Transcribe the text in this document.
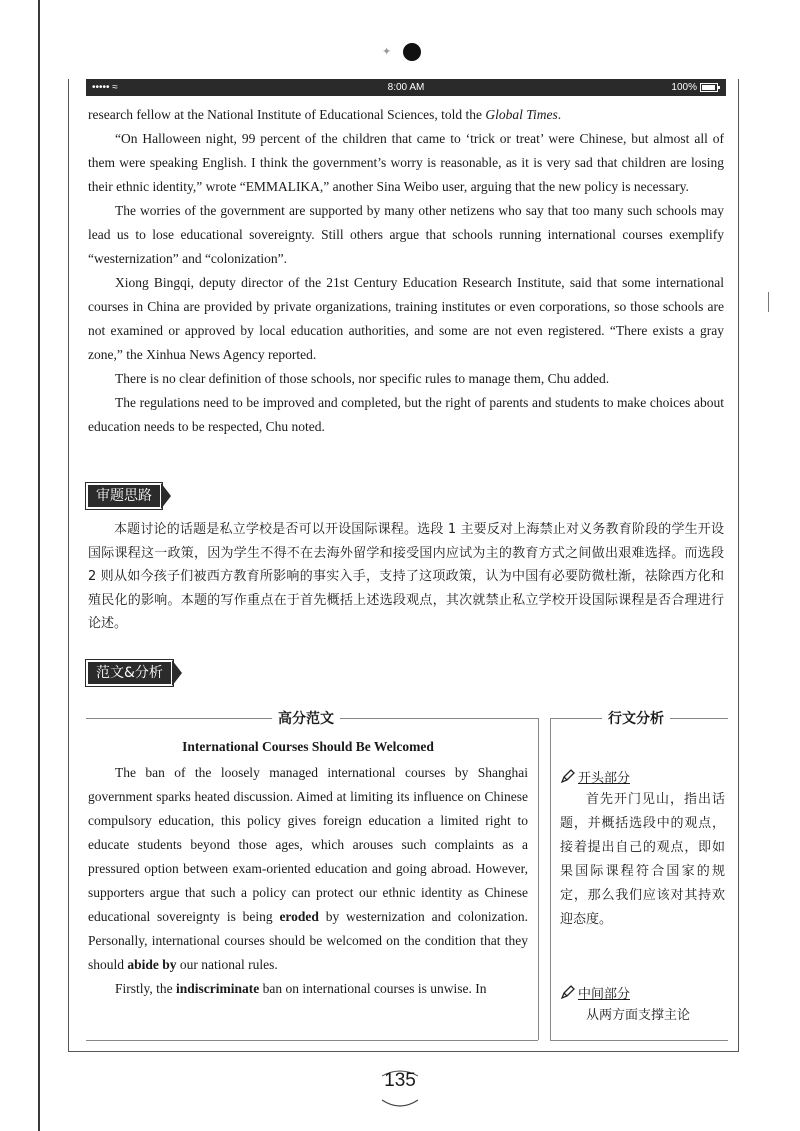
✦
••••• ≈	8:00 AM	100%

research fellow at the National Institute of Educational Sciences, told the Global Times.

“On Halloween night, 99 percent of the children that came to ‘trick or treat’ were Chinese, but almost all of them were speaking English. I think the government’s worry is reasonable, as it is very sad that children are losing their ethnic identity,” wrote “EMMALIKA,” another Sina Weibo user, arguing that the new policy is necessary.

The worries of the government are supported by many other netizens who say that too many such schools may lead us to lose educational sovereignty. Still others argue that schools running international courses exemplify “westernization” and “colonization”.

Xiong Bingqi, deputy director of the 21st Century Education Research Institute, said that some international courses in China are provided by private organizations, training institutes or even corporations, so those schools are not examined or approved by local education authorities, and some are not even registered. “There exists a gray zone,” the Xinhua News Agency reported.

There is no clear definition of those schools, nor specific rules to manage them, Chu added.

The regulations need to be improved and completed, but the right of parents and students to make choices about education needs to be respected, Chu noted.

审题思路

本题讨论的话题是私立学校是否可以开设国际课程。选段 1 主要反对上海禁止对义务教育阶段的学生开设国际课程这一政策，因为学生不得不在去海外留学和接受国内应试为主的教育方式之间做出艰难选择。而选段 2 则从如今孩子们被西方教育所影响的事实入手，支持了这项政策，认为中国有必要防微杜渐，祛除西方化和殖民化的影响。本题的写作重点在于首先概括上述选段观点，其次就禁止私立学校开设国际课程是否合理进行论述。

范文&分析
高分范文
International Courses Should Be Welcomed

The ban of the loosely managed international courses by Shanghai government sparks heated discussion. Aimed at limiting its influence on Chinese compulsory education, this policy gives foreign education a limited right to educate students beyond those ages, which arouses such complaints as a pressured option between exam-oriented education and going abroad. However, supporters argue that such a policy can protect our ethnic identity as Chinese educational sovereignty is being eroded by westernization and colonization. Personally, international courses should be welcomed on the condition that they should abide by our national rules.

Firstly, the indiscriminate ban on international courses is unwise. In

行文分析
开头部分
首先开门见山，指出话题，并概括选段中的观点，接着提出自己的观点，即如果国际课程符合国家的规定，那么我们应该对其持欢迎态度。
中间部分
从两方面支撑主论
135
